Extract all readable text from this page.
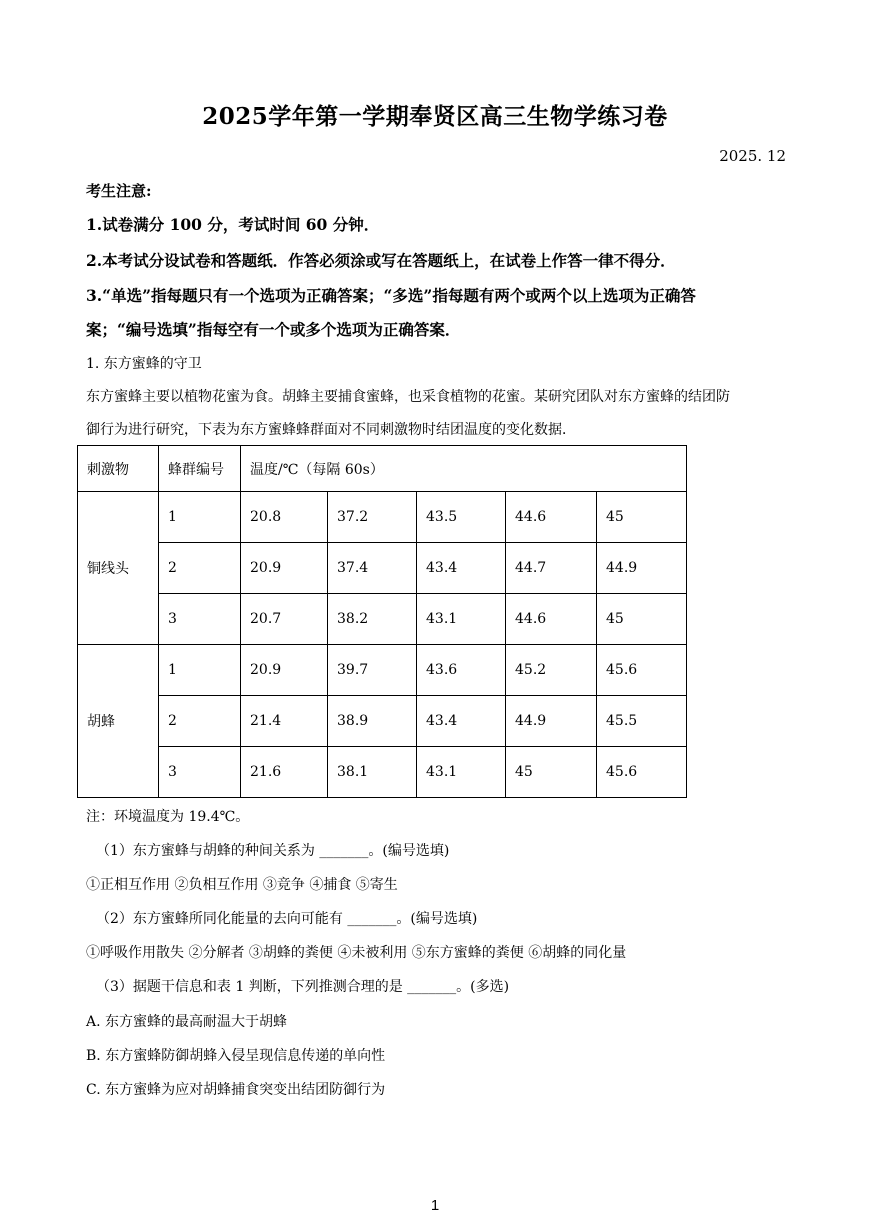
2025学年第一学期奉贤区高三生物学练习卷
2025. 12
考生注意:
1.试卷满分 100 分，考试时间 60 分钟．
2.本考试分设试卷和答题纸．作答必须涂或写在答题纸上，在试卷上作答一律不得分．
3.“单选”指每题只有一个选项为正确答案；“多选”指每题有两个或两个以上选项为正确答
案；“编号选填”指每空有一个或多个选项为正确答案．
1. 东方蜜蜂的守卫
东方蜜蜂主要以植物花蜜为食。胡蜂主要捕食蜜蜂，也采食植物的花蜜。某研究团队对东方蜜蜂的结团防
御行为进行研究，下表为东方蜜蜂蜂群面对不同刺激物时结团温度的变化数据．
刺激物	蜂群编号	温度/℃（每隔 60s）				
铜线头	1	20.8	37.2	43.5	44.6	45
	2	20.9	37.4	43.4	44.7	44.9
	3	20.7	38.2	43.1	44.6	45
胡蜂	1	20.9	39.7	43.6	45.2	45.6
	2	21.4	38.9	43.4	44.9	45.5
	3	21.6	38.1	43.1	45	45.6
注：环境温度为 19.4℃。
（1）东方蜜蜂与胡蜂的种间关系为 _______。(编号选填)
①正相互作用 ②负相互作用 ③竞争 ④捕食 ⑤寄生
（2）东方蜜蜂所同化能量的去向可能有 _______。(编号选填)
①呼吸作用散失 ②分解者 ③胡蜂的粪便 ④未被利用 ⑤东方蜜蜂的粪便 ⑥胡蜂的同化量
（3）据题干信息和表 1 判断，下列推测合理的是 _______。(多选)
A. 东方蜜蜂的最高耐温大于胡蜂
B. 东方蜜蜂防御胡蜂入侵呈现信息传递的单向性
C. 东方蜜蜂为应对胡蜂捕食突变出结团防御行为
1
